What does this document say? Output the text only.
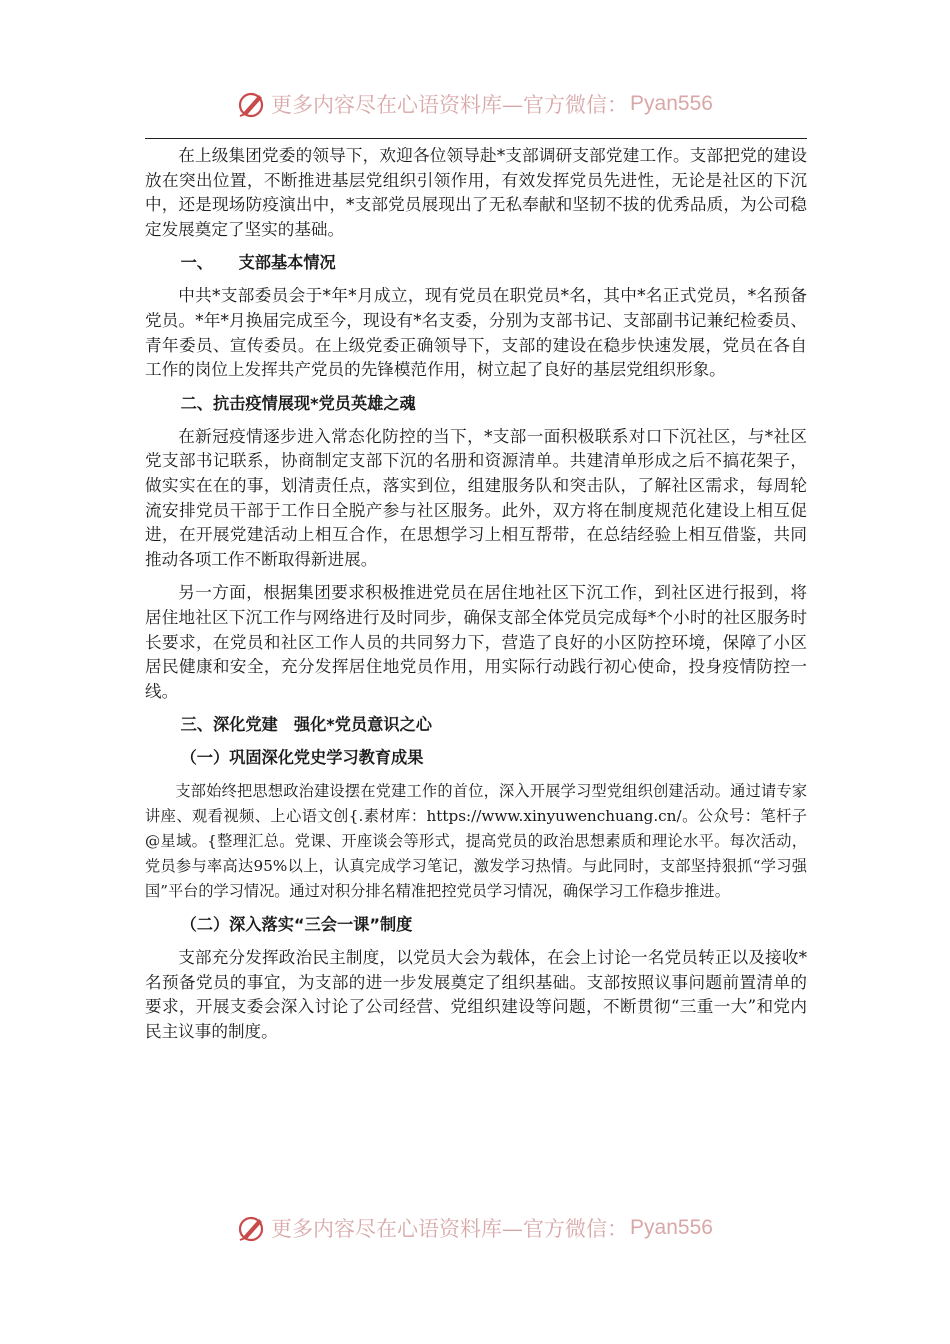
更多内容尽在心语资料库—官方微信： Pyan556

在上级集团党委的领导下，欢迎各位领导赴*支部调研支部党建工作。支部把党的建设放在突出位置，不断推进基层党组织引领作用，有效发挥党员先进性，无论是社区的下沉中，还是现场防疫演出中，*支部党员展现出了无私奉献和坚韧不拔的优秀品质，为公司稳定发展奠定了坚实的基础。

一、 支部基本情况

中共*支部委员会于*年*月成立，现有党员在职党员*名，其中*名正式党员，*名预备党员。*年*月换届完成至今，现设有*名支委，分别为支部书记、支部副书记兼纪检委员、青年委员、宣传委员。在上级党委正确领导下，支部的建设在稳步快速发展，党员在各自工作的岗位上发挥共产党员的先锋模范作用，树立起了良好的基层党组织形象。

二、抗击疫情展现*党员英雄之魂

在新冠疫情逐步进入常态化防控的当下，*支部一面积极联系对口下沉社区，与*社区党支部书记联系，协商制定支部下沉的名册和资源清单。共建清单形成之后不搞花架子，做实实在在的事，划清责任点，落实到位，组建服务队和突击队，了解社区需求，每周轮流安排党员干部于工作日全脱产参与社区服务。此外，双方将在制度规范化建设上相互促进，在开展党建活动上相互合作，在思想学习上相互帮带，在总结经验上相互借鉴，共同推动各项工作不断取得新进展。

另一方面，根据集团要求积极推进党员在居住地社区下沉工作，到社区进行报到，将居住地社区下沉工作与网络进行及时同步，确保支部全体党员完成每*个小时的社区服务时长要求，在党员和社区工作人员的共同努力下，营造了良好的小区防控环境，保障了小区居民健康和安全，充分发挥居住地党员作用，用实际行动践行初心使命，投身疫情防控一线。

三、深化党建　强化*党员意识之心
（一）巩固深化党史学习教育成果

支部始终把思想政治建设摆在党建工作的首位，深入开展学习型党组织创建活动。通过请专家讲座、观看视频、上心语文创{.素材库：https://www.xinyuwenchuang.cn/。公众号：笔杆子@星域。{整理汇总。党课、开座谈会等形式，提高党员的政治思想素质和理论水平。每次活动，党员参与率高达95%以上，认真完成学习笔记，激发学习热情。与此同时，支部坚持狠抓“学习强国”平台的学习情况。通过对积分排名精准把控党员学习情况，确保学习工作稳步推进。

（二）深入落实“三会一课”制度

支部充分发挥政治民主制度，以党员大会为载体，在会上讨论一名党员转正以及接收*名预备党员的事宜，为支部的进一步发展奠定了组织基础。支部按照议事问题前置清单的要求，开展支委会深入讨论了公司经营、党组织建设等问题，不断贯彻“三重一大”和党内民主议事的制度。

更多内容尽在心语资料库—官方微信： Pyan556
